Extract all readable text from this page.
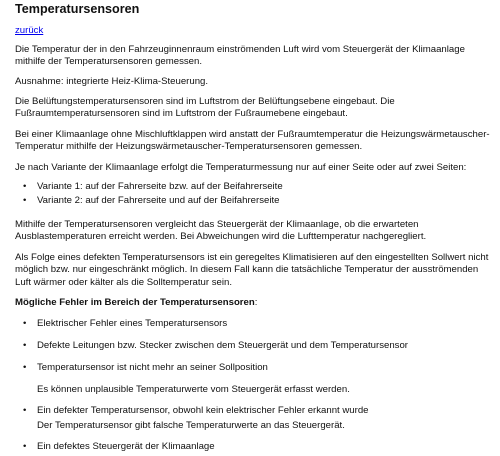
Temperatursensoren
zurück

Die Temperatur der in den Fahrzeuginnenraum einströmenden Luft wird vom Steuergerät der Klimaanlage mithilfe der Temperatursensoren gemessen.

Ausnahme: integrierte Heiz-Klima-Steuerung.

Die Belüftungstemperatursensoren sind im Luftstrom der Belüftungsebene eingebaut. Die Fußraumtemperatursensoren sind im Luftstrom der Fußraumebene eingebaut.

Bei einer Klimaanlage ohne Mischluftklappen wird anstatt der Fußraumtemperatur die Heizungswärmetauscher-Temperatur mithilfe der Heizungswärmetauscher-Temperatursensoren gemessen.

Je nach Variante der Klimaanlage erfolgt die Temperaturmessung nur auf einer Seite oder auf zwei Seiten:

• Variante 1: auf der Fahrerseite bzw. auf der Beifahrerseite
• Variante 2: auf der Fahrerseite und auf der Beifahrerseite

Mithilfe der Temperatursensoren vergleicht das Steuergerät der Klimaanlage, ob die erwarteten Ausblastemperaturen erreicht werden. Bei Abweichungen wird die Lufttemperatur nachgeregliert.

Als Folge eines defekten Temperatursensors ist ein geregeltes Klimatisieren auf den eingestellten Sollwert nicht möglich bzw. nur eingeschränkt möglich. In diesem Fall kann die tatsächliche Temperatur der ausströmenden Luft wärmer oder kälter als die Solltemperatur sein.

Mögliche Fehler im Bereich der Temperatursensoren:

• Elektrischer Fehler eines Temperatursensors
• Defekte Leitungen bzw. Stecker zwischen dem Steuergerät und dem Temperatursensor
• Temperatursensor ist nicht mehr an seiner Sollposition
Es können unplausible Temperaturwerte vom Steuergerät erfasst werden.
• Ein defekter Temperatursensor, obwohl kein elektrischer Fehler erkannt wurde
Der Temperatursensor gibt falsche Temperaturwerte an das Steuergerät.
• Ein defektes Steuergerät der Klimaanlage
